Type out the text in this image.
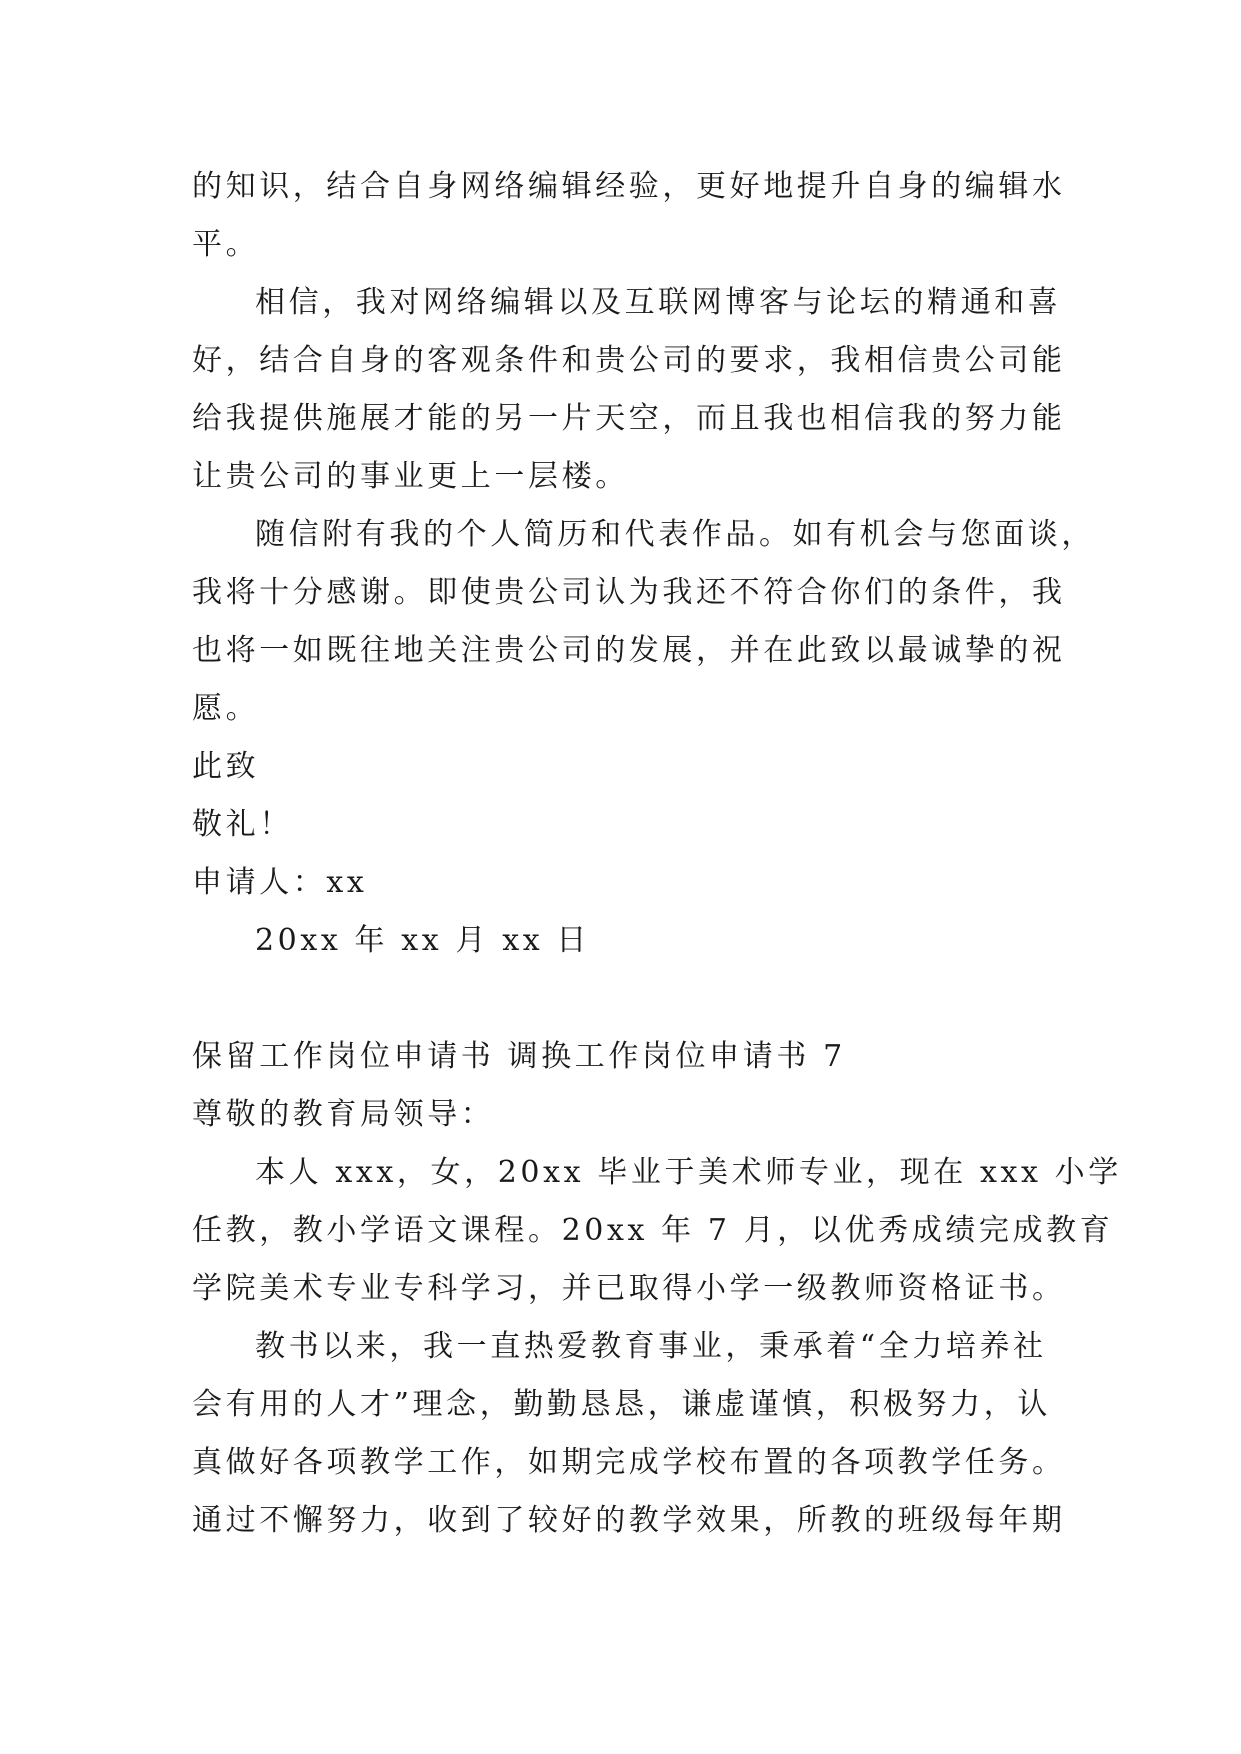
的知识，结合自身网络编辑经验，更好地提升自身的编辑水
平。
相信，我对网络编辑以及互联网博客与论坛的精通和喜
好，结合自身的客观条件和贵公司的要求，我相信贵公司能
给我提供施展才能的另一片天空，而且我也相信我的努力能
让贵公司的事业更上一层楼。
随信附有我的个人简历和代表作品。如有机会与您面谈，
我将十分感谢。即使贵公司认为我还不符合你们的条件，我
也将一如既往地关注贵公司的发展，并在此致以最诚挚的祝
愿。
此致
敬礼！
申请人：xx
20xx 年 xx 月 xx 日
保留工作岗位申请书 调换工作岗位申请书 7
尊敬的教育局领导：
本人 xxx，女，20xx 毕业于美术师专业，现在 xxx 小学
任教，教小学语文课程。20xx 年 7 月，以优秀成绩完成教育
学院美术专业专科学习，并已取得小学一级教师资格证书。
教书以来，我一直热爱教育事业，秉承着“全力培养社
会有用的人才”理念，勤勤恳恳，谦虚谨慎，积极努力，认
真做好各项教学工作，如期完成学校布置的各项教学任务。
通过不懈努力，收到了较好的教学效果，所教的班级每年期
